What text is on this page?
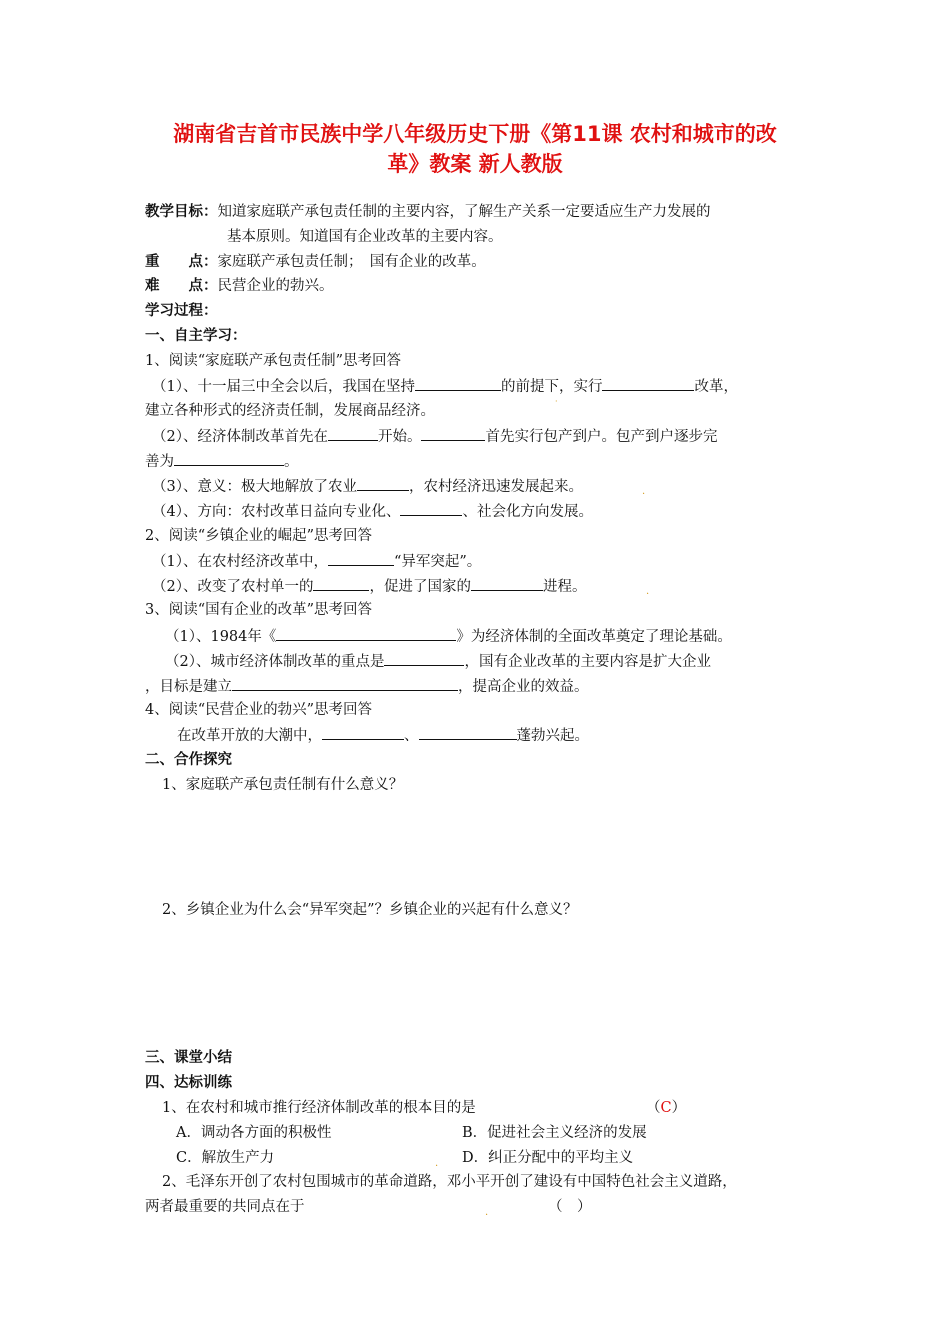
湖南省吉首市民族中学八年级历史下册《第11课 农村和城市的改
革》教案 新人教版
教学目标：知道家庭联产承包责任制的主要内容，了解生产关系一定要适应生产力发展的
基本原则。知道国有企业改革的主要内容。
重　　点：家庭联产承包责任制；　国有企业的改革。
难　　点：民营企业的勃兴。
学习过程：
一、自主学习：
1、阅读“家庭联产承包责任制”思考回答
（1）、十一届三中全会以后，我国在坚持	的前提下，实行	改革，
建立各种形式的经济责任制，发展商品经济。
（2）、经济体制改革首先在	开始。	首先实行包产到户。包产到户逐步完
善为	。
（3）、意义：极大地解放了农业	，农村经济迅速发展起来。
（4）、方向：农村改革日益向专业化、	、社会化方向发展。
2、阅读“乡镇企业的崛起”思考回答
（1）、在农村经济改革中，	“异军突起”。
（2）、改变了农村单一的	，促进了国家的	进程。
3、阅读“国有企业的改革”思考回答
（1）、1984年《	》为经济体制的全面改革奠定了理论基础。
（2）、城市经济体制改革的重点是	，国有企业改革的主要内容是扩大企业
，目标是建立	，提高企业的效益。
4、阅读“民营企业的勃兴”思考回答
在改革开放的大潮中，	、	蓬勃兴起。
二、合作探究
1、家庭联产承包责任制有什么意义？
2、乡镇企业为什么会“异军突起”？乡镇企业的兴起有什么意义？
三、课堂小结
四、达标训练
1、在农村和城市推行经济体制改革的根本目的是	（C）
A．调动各方面的积极性	B．促进社会主义经济的发展
C．解放生产力	D．纠正分配中的平均主义
2、毛泽东开创了农村包围城市的革命道路，邓小平开创了建设有中国特色社会主义道路，
两者最重要的共同点在于	（　）
·
.
.
.
.
